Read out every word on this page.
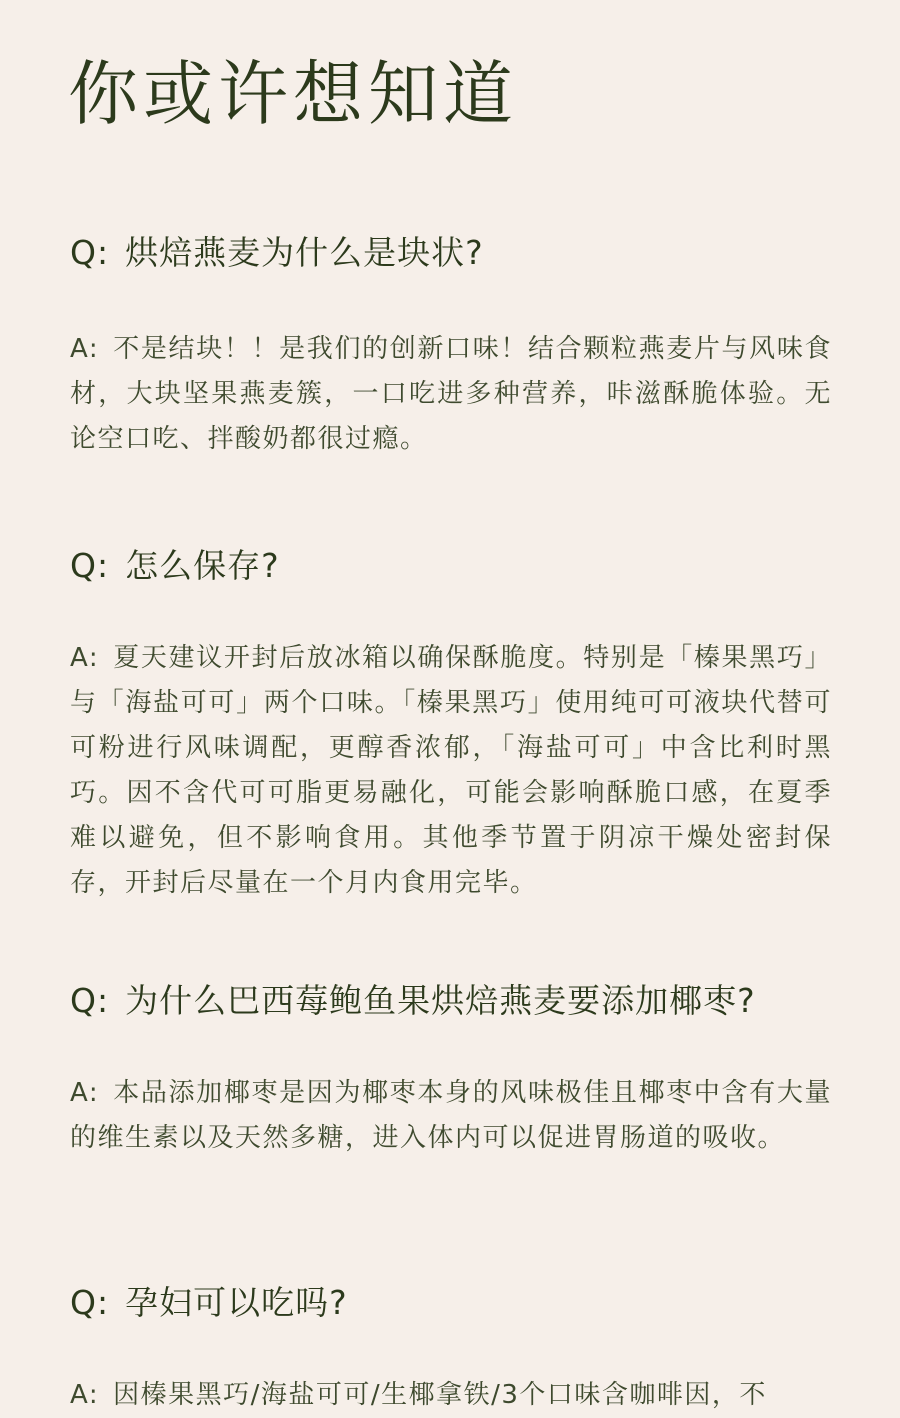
你或许想知道
Q: 烘焙燕麦为什么是块状?

A: 不是结块！！是我们的创新口味！结合颗粒燕麦片与风味食材，大块坚果燕麦簇，一口吃进多种营养，咔滋酥脆体验。无论空口吃、拌酸奶都很过瘾。

Q: 怎么保存?

A: 夏天建议开封后放冰箱以确保酥脆度。特别是「榛果黑巧」与「海盐可可」两个口味。「榛果黑巧」使用纯可可液块代替可可粉进行风味调配，更醇香浓郁，「海盐可可」中含比利时黑巧。因不含代可可脂更易融化，可能会影响酥脆口感，在夏季难以避免，但不影响食用。其他季节置于阴凉干燥处密封保存，开封后尽量在一个月内食用完毕。

Q: 为什么巴西莓鲍鱼果烘焙燕麦要添加椰枣?

A: 本品添加椰枣是因为椰枣本身的风味极佳且椰枣中含有大量的维生素以及天然多糖，进入体内可以促进胃肠道的吸收。

Q: 孕妇可以吃吗?

A: 因榛果黑巧/海盐可可/生椰拿铁/3个口味含咖啡因，不
